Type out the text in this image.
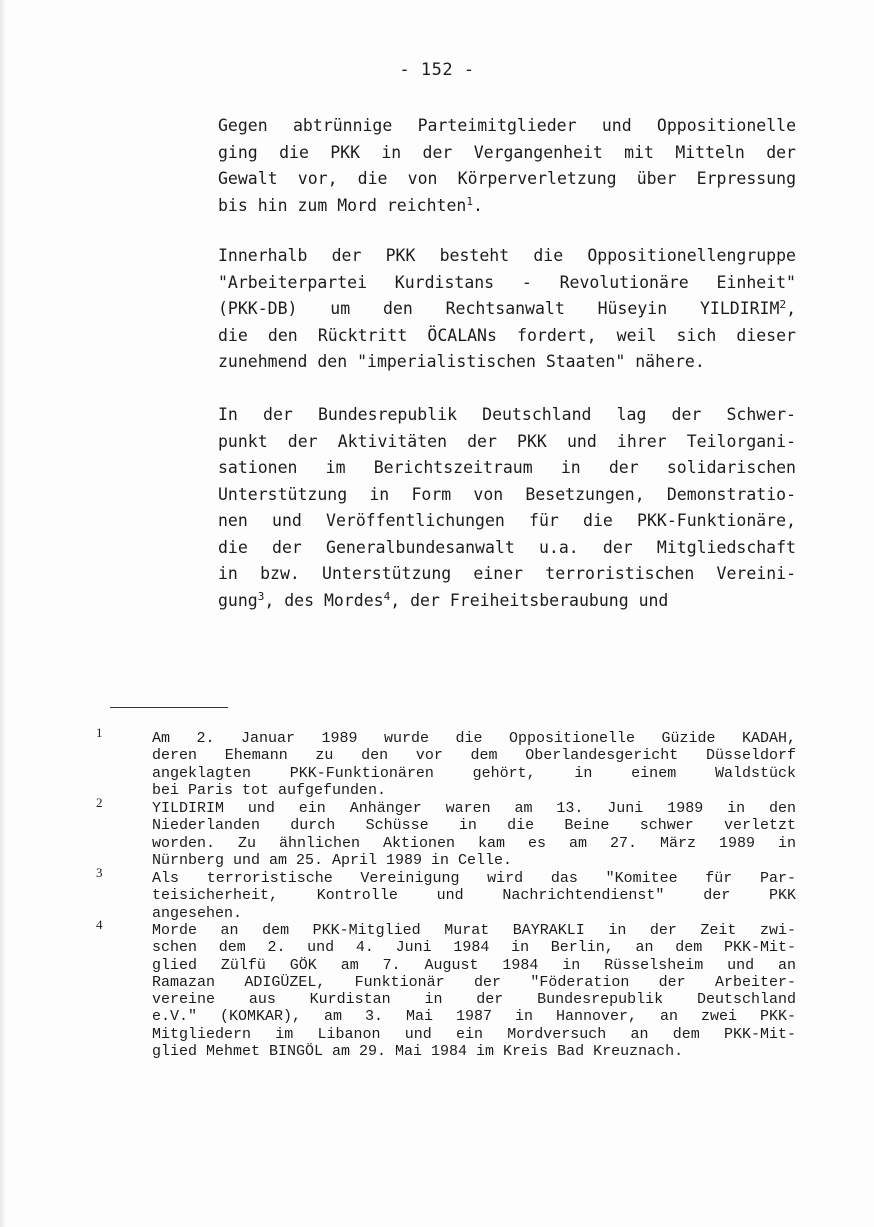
- 152 -
Gegen abtrünnige Parteimitglieder und Oppositionelle
ging die PKK in der Vergangenheit mit Mitteln der
Gewalt vor, die von Körperverletzung über Erpressung
bis hin zum Mord reichten$^1$.
Innerhalb der PKK besteht die Oppositionellengruppe
"Arbeiterpartei Kurdistans - Revolutionäre Einheit"
(PKK-DB) um den Rechtsanwalt Hüseyin YILDIRIM$^2$,
die den Rücktritt ÖCALANs fordert, weil sich dieser
zunehmend den "imperialistischen Staaten" nähere.
In der Bundesrepublik Deutschland lag der Schwer-
punkt der Aktivitäten der PKK und ihrer Teilorgani-
sationen im Berichtszeitraum in der solidarischen
Unterstützung in Form von Besetzungen, Demonstratio-
nen und Veröffentlichungen für die PKK-Funktionäre,
die der Generalbundesanwalt u.a. der Mitgliedschaft
in bzw. Unterstützung einer terroristischen Vereini-
gung$^3$, des Mordes$^4$, der Freiheitsberaubung und
1	Am 2. Januar 1989 wurde die Oppositionelle Güzide KADAH,
deren Ehemann zu den vor dem Oberlandesgericht Düsseldorf
angeklagten PKK-Funktionären gehört, in einem Waldstück
bei Paris tot aufgefunden.
2	YILDIRIM und ein Anhänger waren am 13. Juni 1989 in den
Niederlanden durch Schüsse in die Beine schwer verletzt
worden. Zu ähnlichen Aktionen kam es am 27. März 1989 in
Nürnberg und am 25. April 1989 in Celle.
3	Als terroristische Vereinigung wird das "Komitee für Par-
teisicherheit, Kontrolle und Nachrichtendienst" der PKK
angesehen.
4	Morde an dem PKK-Mitglied Murat BAYRAKLI in der Zeit zwi-
schen dem 2. und 4. Juni 1984 in Berlin, an dem PKK-Mit-
glied Zülfü GÖK am 7. August 1984 in Rüsselsheim und an
Ramazan ADIGÜZEL, Funktionär der "Föderation der Arbeiter-
vereine aus Kurdistan in der Bundesrepublik Deutschland
e.V." (KOMKAR), am 3. Mai 1987 in Hannover, an zwei PKK-
Mitgliedern im Libanon und ein Mordversuch an dem PKK-Mit-
glied Mehmet BINGÖL am 29. Mai 1984 im Kreis Bad Kreuznach.
